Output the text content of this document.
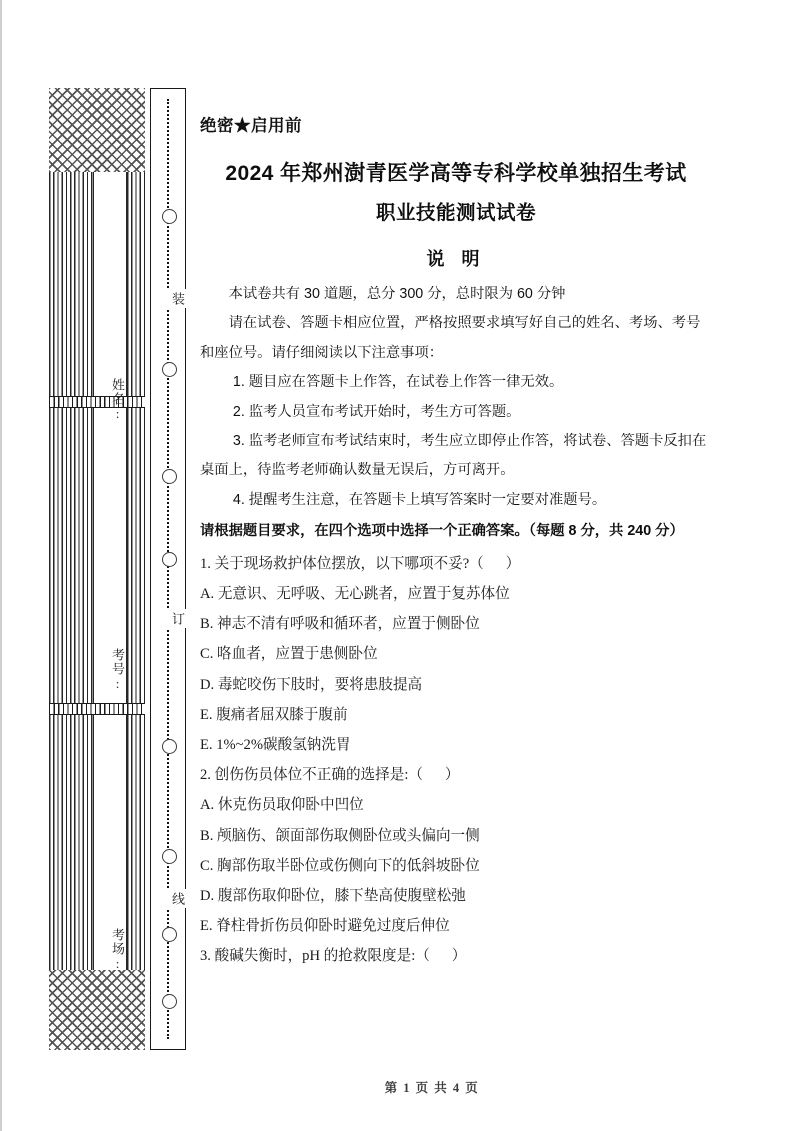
姓名:
考号:
考场:
装
订
线
绝密★启用前
2024 年郑州澍青医学高等专科学校单独招生考试
职业技能测试试卷
说 明

本试卷共有 30 道题，总分 300 分，总时限为 60 分钟

请在试卷、答题卡相应位置，严格按照要求填写好自己的姓名、考场、考号

和座位号。请仔细阅读以下注意事项：

1. 题目应在答题卡上作答，在试卷上作答一律无效。

2. 监考人员宣布考试开始时，考生方可答题。

3. 监考老师宣布考试结束时，考生应立即停止作答，将试卷、答题卡反扣在

桌面上，待监考老师确认数量无误后，方可离开。

4. 提醒考生注意，在答题卡上填写答案时一定要对准题号。

请根据题目要求，在四个选项中选择一个正确答案。（每题 8 分，共 240 分）

1. 关于现场救护体位摆放，以下哪项不妥?（      ）

A. 无意识、无呼吸、无心跳者，应置于复苏体位

B. 神志不清有呼吸和循环者，应置于侧卧位

C. 咯血者，应置于患侧卧位

D. 毒蛇咬伤下肢时，要将患肢提高

E. 腹痛者屈双膝于腹前

E. 1%~2%碳酸氢钠洗胃

2. 创伤伤员体位不正确的选择是:（      ）

A. 休克伤员取仰卧中凹位

B. 颅脑伤、颌面部伤取侧卧位或头偏向一侧

C. 胸部伤取半卧位或伤侧向下的低斜坡卧位

D. 腹部伤取仰卧位，膝下垫高使腹壁松弛

E. 脊柱骨折伤员仰卧时避免过度后伸位

3. 酸碱失衡时，pH 的抢救限度是:（      ）

第 1 页 共 4 页
